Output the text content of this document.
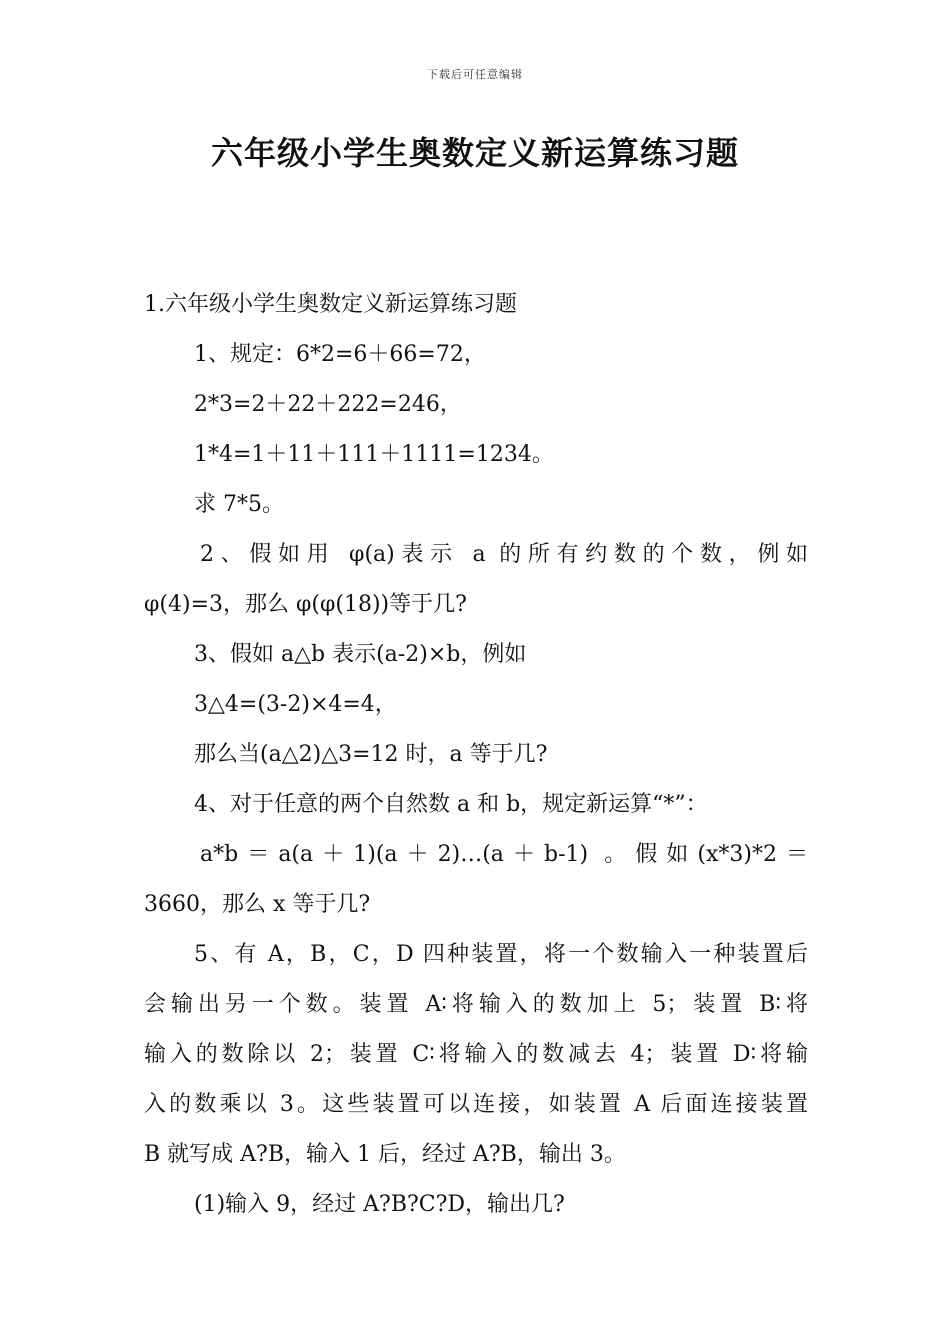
下载后可任意编辑
六年级小学生奥数定义新运算练习题
1.六年级小学生奥数定义新运算练习题
1、规定：6*2=6＋66=72，
2*3=2＋22＋222=246，
1*4=1＋11＋111＋1111=1234。
求 7*5。
2、假如用 φ(a)表示 a 的所有约数的个数，例如
φ(4)=3，那么 φ(φ(18))等于几?
3、假如 a△b 表示(a-2)×b，例如
3△4=(3-2)×4=4，
那么当(a△2)△3=12 时，a 等于几?
4、对于任意的两个自然数 a 和 b，规定新运算“*”：
a*b＝a(a＋1)(a＋2)…(a＋b-1) 。假如(x*3)*2＝
3660，那么 x 等于几?
5、有 A，B，C，D 四种装置，将一个数输入一种装置后
会输出另一个数。装置 A∶将输入的数加上 5；装置 B∶将
输入的数除以 2；装置 C∶将输入的数减去 4；装置 D∶将输
入的数乘以 3。这些装置可以连接，如装置 A 后面连接装置
B 就写成 A?B，输入 1 后，经过 A?B，输出 3。
(1)输入 9，经过 A?B?C?D，输出几?
